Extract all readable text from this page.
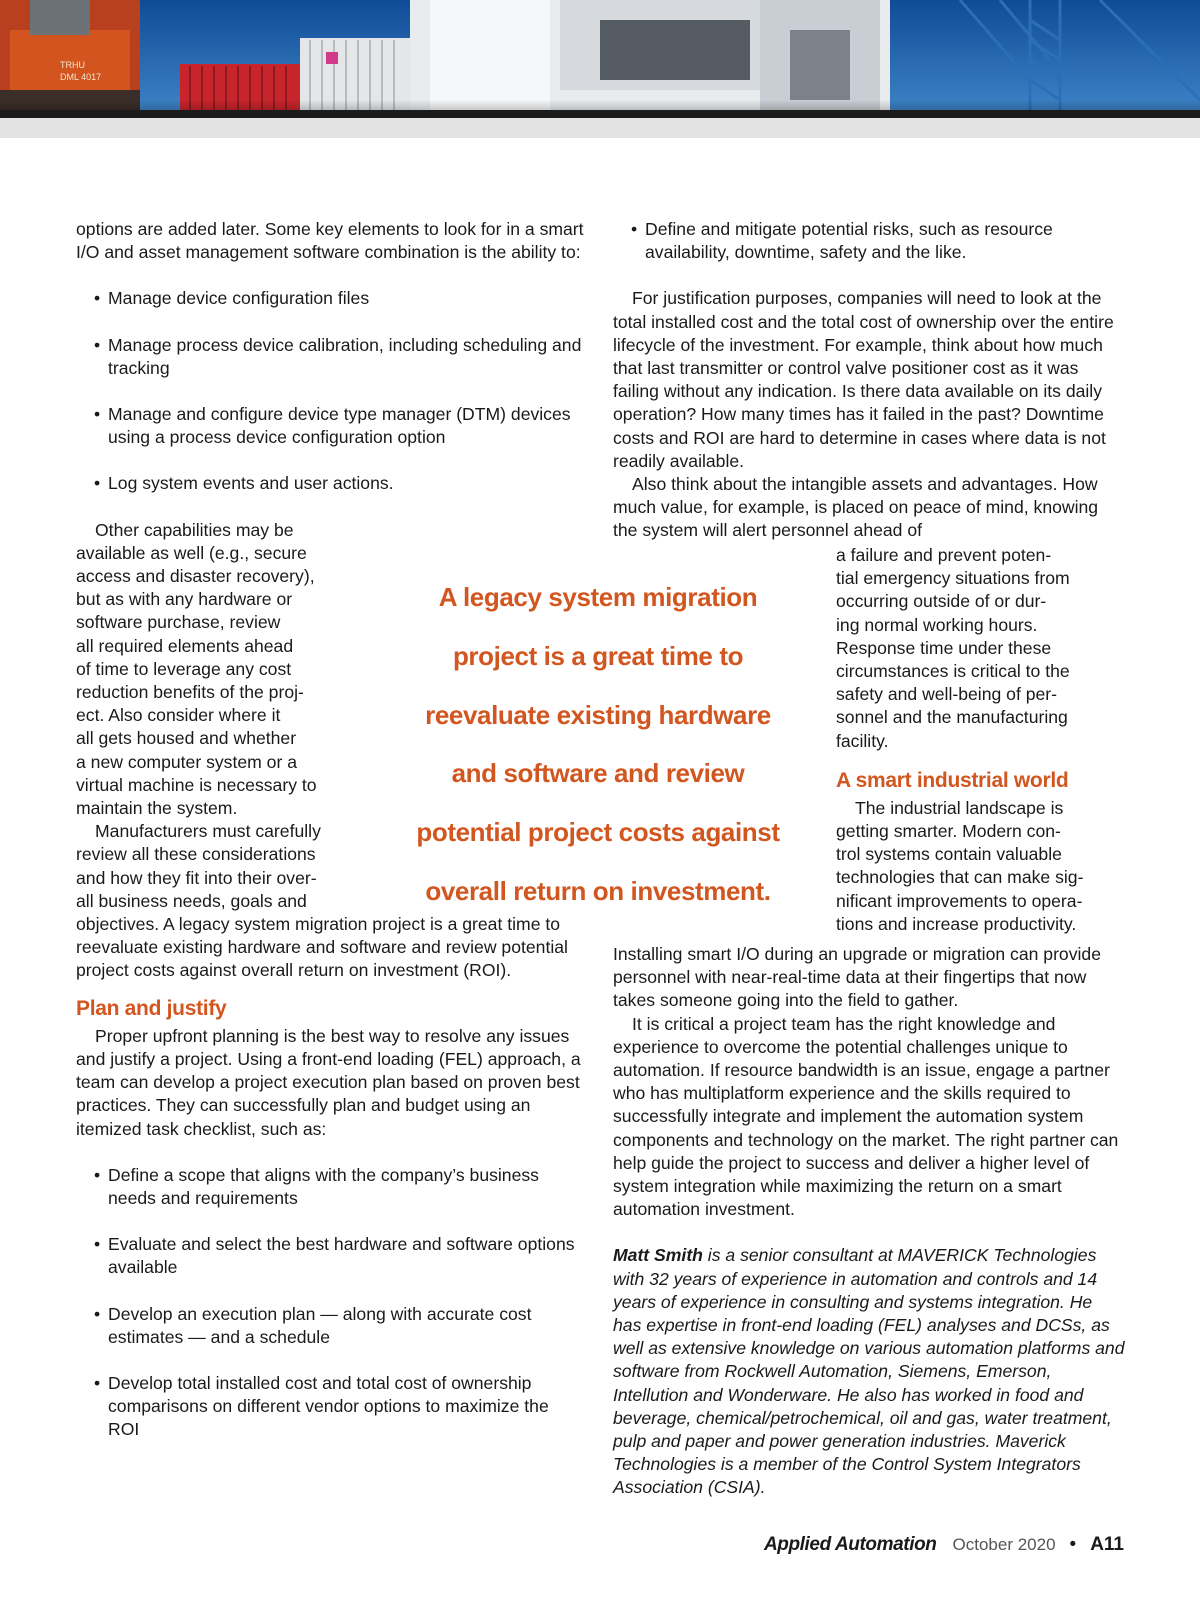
TRHU
DML 4017

options are added later. Some key elements to look for in a smart I/O and asset management software combination is the ability to:

• Manage device configuration files

• Manage process device calibration, including scheduling and tracking

• Manage and configure device type manager (DTM) devices using a process device configuration option

• Log system events and user actions.

Other capabilities may be
available as well (e.g., secure
access and disaster recovery),
but as with any hardware or
software purchase, review
all required elements ahead
of time to leverage any cost
reduction benefits of the proj-
ect. Also consider where it
all gets housed and whether
a new computer system or a
virtual machine is necessary to
maintain the system.
Manufacturers must carefully
review all these considerations
and how they fit into their over-
all business needs, goals and

objectives. A legacy system migration project is a great time to reevaluate existing hardware and software and review potential project costs against overall return on investment (ROI).

Plan and justify

Proper upfront planning is the best way to resolve any issues and justify a project. Using a front-end loading (FEL) approach, a team can develop a project execution plan based on proven best practices. They can successfully plan and budget using an itemized task checklist, such as:

• Define a scope that aligns with the company’s business needs and requirements

• Evaluate and select the best hardware and software options available

• Develop an execution plan — along with accurate cost estimates — and a schedule

• Develop total installed cost and total cost of ownership comparisons on different vendor options to maximize the ROI

A legacy system migration
project is a great time to
reevaluate existing hardware
and software and review
potential project costs against
overall return on investment.

• Define and mitigate potential risks, such as resource availability, downtime, safety and the like.

For justification purposes, companies will need to look at the total installed cost and the total cost of ownership over the entire lifecycle of the investment. For example, think about how much that last transmitter or control valve positioner cost as it was failing without any indication. Is there data available on its daily operation? How many times has it failed in the past? Downtime costs and ROI are hard to determine in cases where data is not readily available.

Also think about the intangible assets and advantages. How much value, for example, is placed on peace of mind, knowing the system will alert personnel ahead of

a failure and prevent poten-
tial emergency situations from
occurring outside of or dur-
ing normal working hours.
Response time under these
circumstances is critical to the
safety and well-being of per-
sonnel and the manufacturing
facility.
A smart industrial world
The industrial landscape is
getting smarter. Modern con-
trol systems contain valuable
technologies that can make sig-
nificant improvements to opera-
tions and increase productivity.

Installing smart I/O during an upgrade or migration can provide personnel with near-real-time data at their fingertips that now takes someone going into the field to gather.

It is critical a project team has the right knowledge and experience to overcome the potential challenges unique to automation. If resource bandwidth is an issue, engage a partner who has multiplatform experience and the skills required to successfully integrate and implement the automation system components and technology on the market. The right partner can help guide the project to success and deliver a higher level of system integration while maximizing the return on a smart automation investment.

Matt Smith is a senior consultant at MAVERICK Technologies with 32 years of experience in automation and controls and 14 years of experience in consulting and systems integration. He has expertise in front-end loading (FEL) analyses and DCSs, as well as extensive knowledge on various automation platforms and software from Rockwell Automation, Siemens, Emerson, Intellution and Wonderware. He also has worked in food and beverage, chemical/petrochemical, oil and gas, water treatment, pulp and paper and power generation industries. Maverick Technologies is a member of the Control System Integrators Association (CSIA).

Applied Automation October 2020 • A11
